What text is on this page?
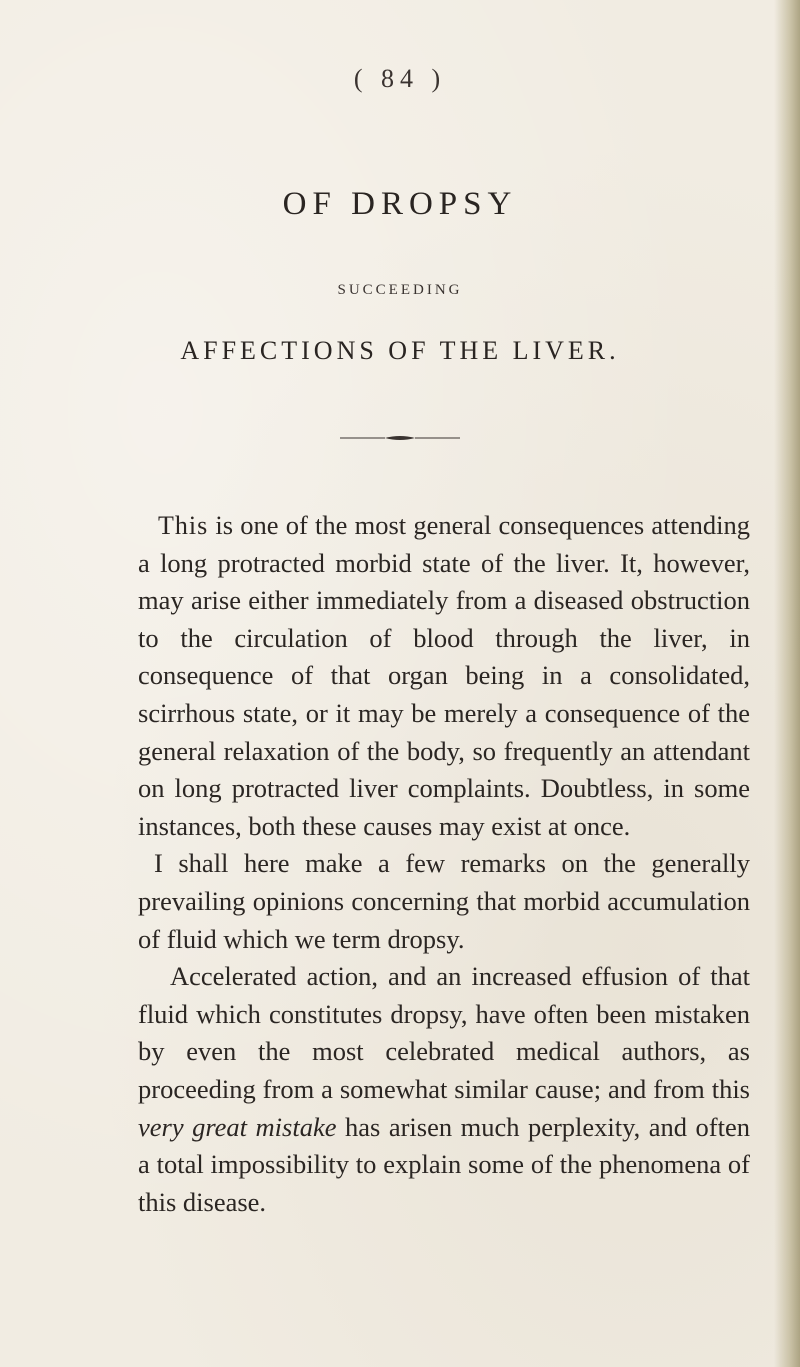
( 84 )
OF DROPSY
SUCCEEDING
AFFECTIONS OF THE LIVER.

This is one of the most general consequences attending a long protracted morbid state of the liver. It, however, may arise either immediately from a diseased obstruction to the circulation of blood through the liver, in consequence of that organ being in a consolidated, scirrhous state, or it may be merely a consequence of the general relaxation of the body, so frequently an attendant on long protracted liver complaints. Doubtless, in some instances, both these causes may exist at once.

I shall here make a few remarks on the generally prevailing opinions concerning that morbid accumulation of fluid which we term dropsy.

Accelerated action, and an increased effusion of that fluid which constitutes dropsy, have often been mistaken by even the most celebrated medical authors, as proceeding from a somewhat similar cause; and from this very great mistake has arisen much perplexity, and often a total impossibility to explain some of the phenomena of this disease.
